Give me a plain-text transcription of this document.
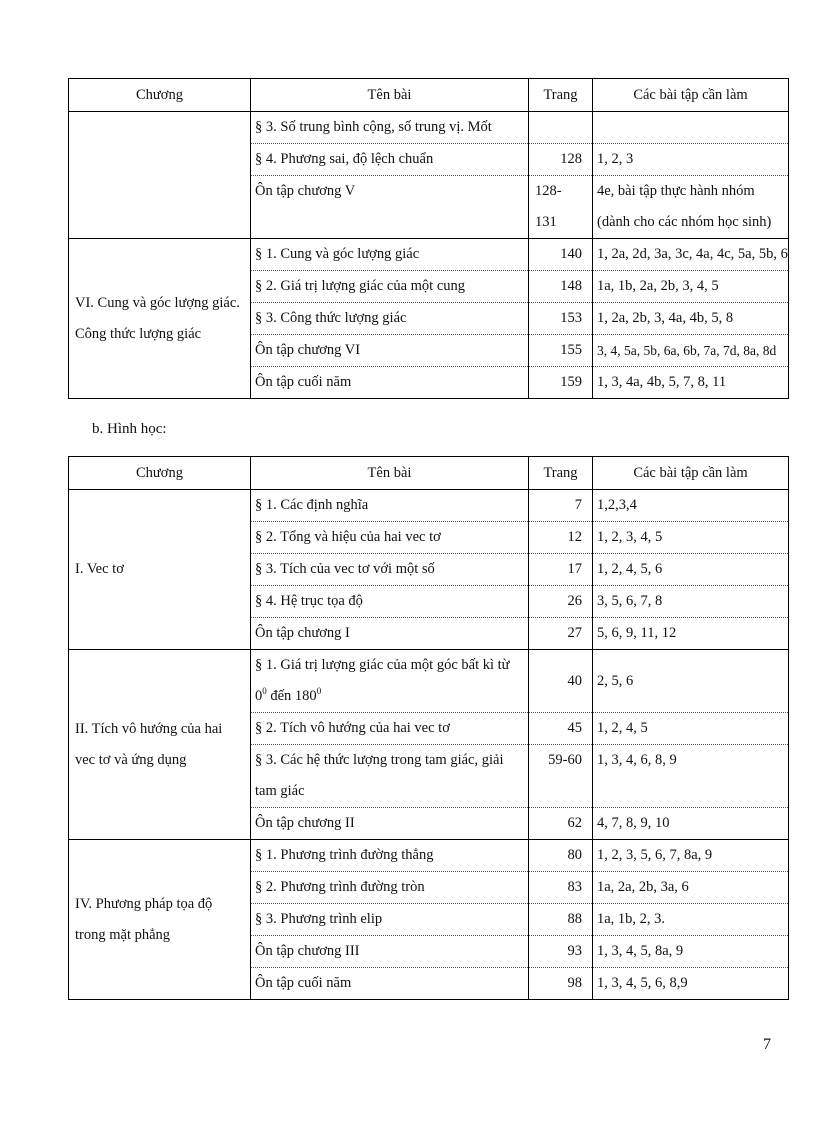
Chương	Tên bài	Trang	Các bài tập cần làm
	§ 3. Số trung bình cộng, số trung vị. Mốt		
	§ 4. Phương sai, độ lệch chuẩn	128	1, 2, 3
	Ôn tập chương V	128-131	4e, bài tập thực hành nhóm (dành cho các nhóm học sinh)
VI. Cung và góc lượng giác. Công thức lượng giác	§ 1. Cung và góc lượng giác	140	1, 2a, 2d, 3a, 3c, 4a, 4c, 5a, 5b, 6
	§ 2. Giá trị lượng giác của một cung	148	1a, 1b, 2a, 2b, 3, 4, 5
	§ 3. Công thức lượng giác	153	1, 2a, 2b, 3, 4a, 4b, 5, 8
	Ôn tập chương VI	155	3, 4, 5a, 5b, 6a, 6b, 7a, 7d, 8a, 8d
	Ôn tập cuối năm	159	1, 3, 4a, 4b, 5, 7, 8, 11
b. Hình học:
Chương	Tên bài	Trang	Các bài tập cần làm
I. Vec tơ	§ 1. Các định nghĩa	7	1,2,3,4
	§ 2. Tổng và hiệu của hai vec tơ	12	1, 2, 3, 4, 5
	§ 3. Tích của vec tơ với một số	17	1, 2, 4, 5, 6
	§ 4. Hệ trục tọa độ	26	3, 5, 6, 7, 8
	Ôn tập chương I	27	5, 6, 9, 11, 12
II. Tích vô hướng của hai vec tơ và ứng dụng	§ 1. Giá trị lượng giác của một góc bất kì từ $0^0$ đến $180^0$	40	2, 5, 6
	§ 2. Tích vô hướng của hai vec tơ	45	1, 2, 4, 5
	§ 3. Các hệ thức lượng trong tam giác, giải tam giác	59-60	1, 3, 4, 6, 8, 9
	Ôn tập chương II	62	4, 7, 8, 9, 10
IV. Phương pháp tọa độ trong mặt phẳng	§ 1. Phương trình đường thẳng	80	1, 2, 3, 5, 6, 7, 8a, 9
	§ 2. Phương trình đường tròn	83	1a, 2a, 2b, 3a, 6
	§ 3. Phương trình elip	88	1a, 1b, 2, 3.
	Ôn tập chương III	93	1, 3, 4, 5, 8a, 9
	Ôn tập cuối năm	98	1, 3, 4, 5, 6, 8,9
7
